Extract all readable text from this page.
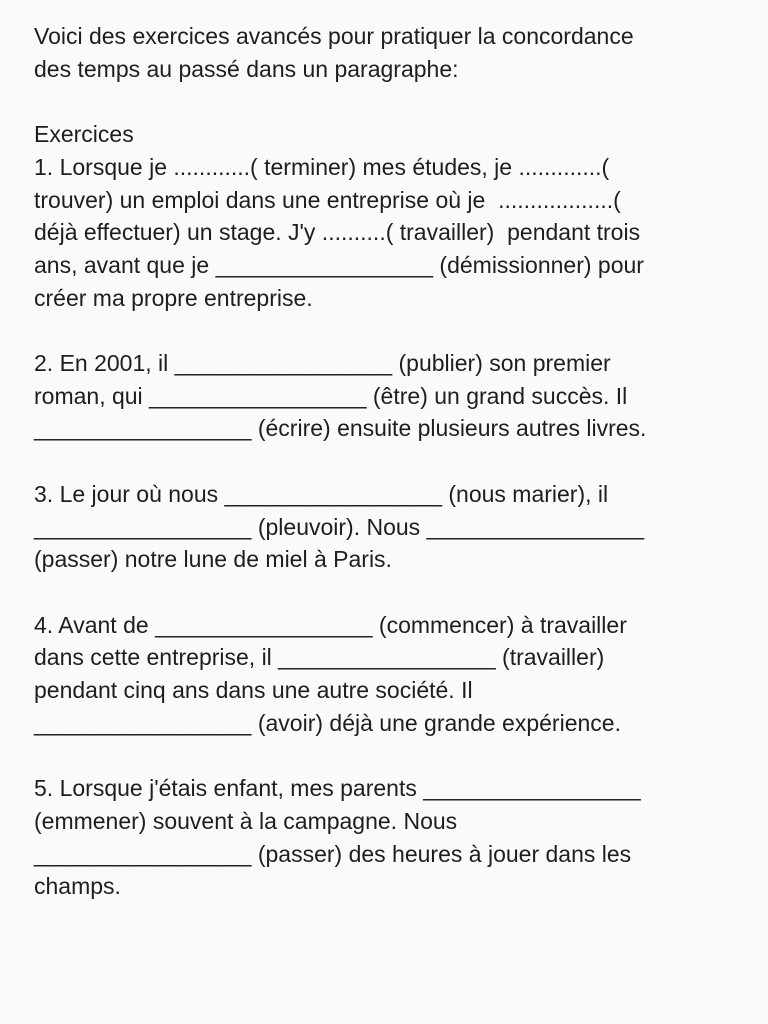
Voici des exercices avancés pour pratiquer la concordance
des temps au passé dans un paragraphe:
Exercices
1. Lorsque je ............( terminer) mes études, je .............(
trouver) un emploi dans une entreprise où je  ..................(
déjà effectuer) un stage. J'y ..........( travailler)  pendant trois
ans, avant que je _________________ (démissionner) pour
créer ma propre entreprise.
2. En 2001, il _________________ (publier) son premier
roman, qui _________________ (être) un grand succès. Il
_________________ (écrire) ensuite plusieurs autres livres.
3. Le jour où nous _________________ (nous marier), il
_________________ (pleuvoir). Nous _________________
(passer) notre lune de miel à Paris.
4. Avant de _________________ (commencer) à travailler
dans cette entreprise, il _________________ (travailler)
pendant cinq ans dans une autre société. Il
_________________ (avoir) déjà une grande expérience.
5. Lorsque j'étais enfant, mes parents _________________
(emmener) souvent à la campagne. Nous
_________________ (passer) des heures à jouer dans les
champs.
